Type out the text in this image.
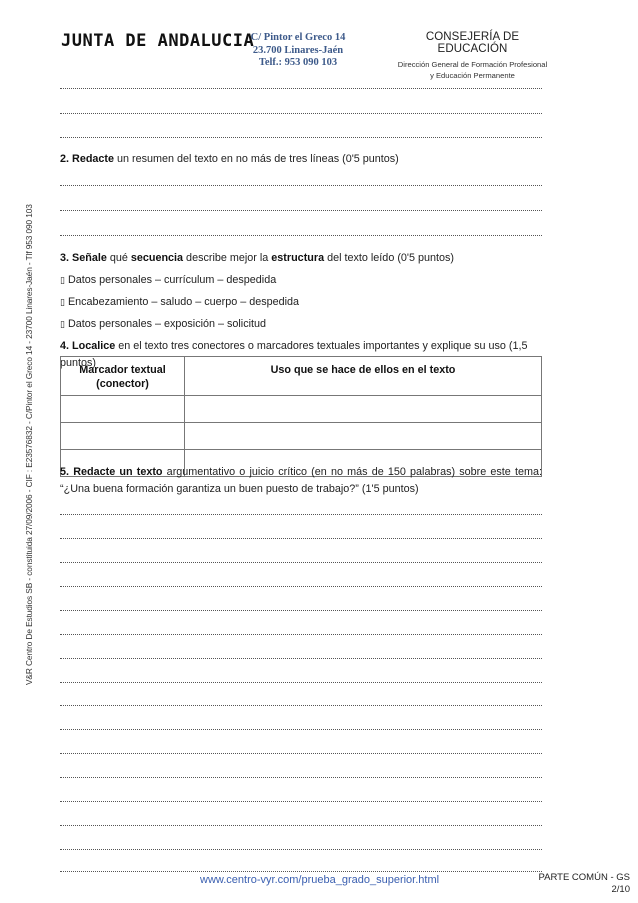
V&R Centro De Estudios SB - constituida 27/09/2006 - CIF : E23576832 - C/Pintor el Greco 14 - 23700 Linares-Jaén - Tlf 953 090 103
JUNTA DE ANDALUCIA
C/ Pintor el Greco 14
23.700 Linares-Jaén
Telf.: 953 090 103
CONSEJERÍA DE EDUCACIÓN
Dirección General de Formación Profesional
y Educación Permanente
2. Redacte un resumen del texto en no más de tres líneas (0'5 puntos)
3. Señale qué secuencia describe mejor la estructura del texto leído (0'5 puntos)
▯ Datos personales – currículum – despedida
▯ Encabezamiento – saludo – cuerpo – despedida
▯ Datos personales – exposición – solicitud
4. Localice en el texto tres conectores o marcadores textuales importantes y explique su uso (1,5 puntos)
Marcador textual
(conector)	Uso que se hace de ellos en el texto

5. Redacte un texto argumentativo o juicio crítico (en no más de 150 palabras) sobre este tema: “¿Una buena formación garantiza un buen puesto de trabajo?” (1'5 puntos)
www.centro-vyr.com/prueba_grado_superior.html	PARTE COMÚN - GS
2/10
